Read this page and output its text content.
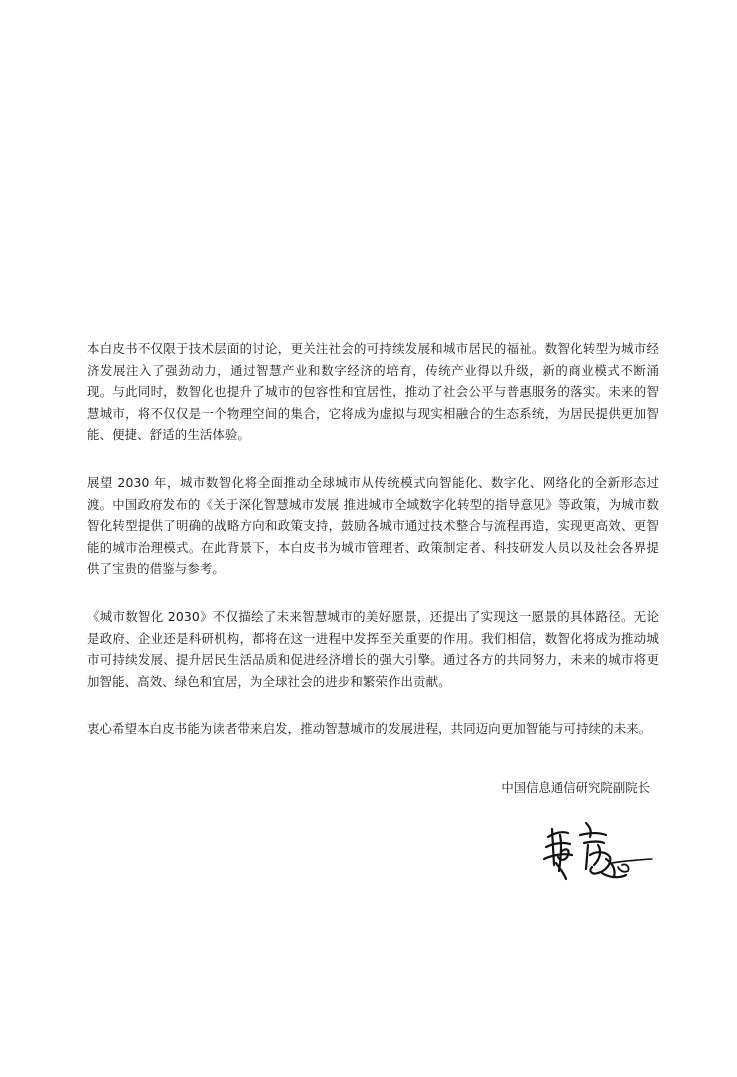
本白皮书不仅限于技术层面的讨论，更关注社会的可持续发展和城市居民的福祉。数智化转型为城市经济发展注入了强劲动力，通过智慧产业和数字经济的培育，传统产业得以升级，新的商业模式不断涌现。与此同时，数智化也提升了城市的包容性和宜居性，推动了社会公平与普惠服务的落实。未来的智慧城市，将不仅仅是一个物理空间的集合，它将成为虚拟与现实相融合的生态系统，为居民提供更加智能、便捷、舒适的生活体验。

展望 2030 年，城市数智化将全面推动全球城市从传统模式向智能化、数字化、网络化的全新形态过渡。中国政府发布的《关于深化智慧城市发展 推进城市全域数字化转型的指导意见》等政策，为城市数智化转型提供了明确的战略方向和政策支持，鼓励各城市通过技术整合与流程再造，实现更高效、更智能的城市治理模式。在此背景下，本白皮书为城市管理者、政策制定者、科技研发人员以及社会各界提供了宝贵的借鉴与参考。

《城市数智化 2030》不仅描绘了未来智慧城市的美好愿景，还提出了实现这一愿景的具体路径。无论是政府、企业还是科研机构，都将在这一进程中发挥至关重要的作用。我们相信，数智化将成为推动城市可持续发展、提升居民生活品质和促进经济增长的强大引擎。通过各方的共同努力，未来的城市将更加智能、高效、绿色和宜居，为全球社会的进步和繁荣作出贡献。

衷心希望本白皮书能为读者带来启发，推动智慧城市的发展进程，共同迈向更加智能与可持续的未来。

中国信息通信研究院副院长
